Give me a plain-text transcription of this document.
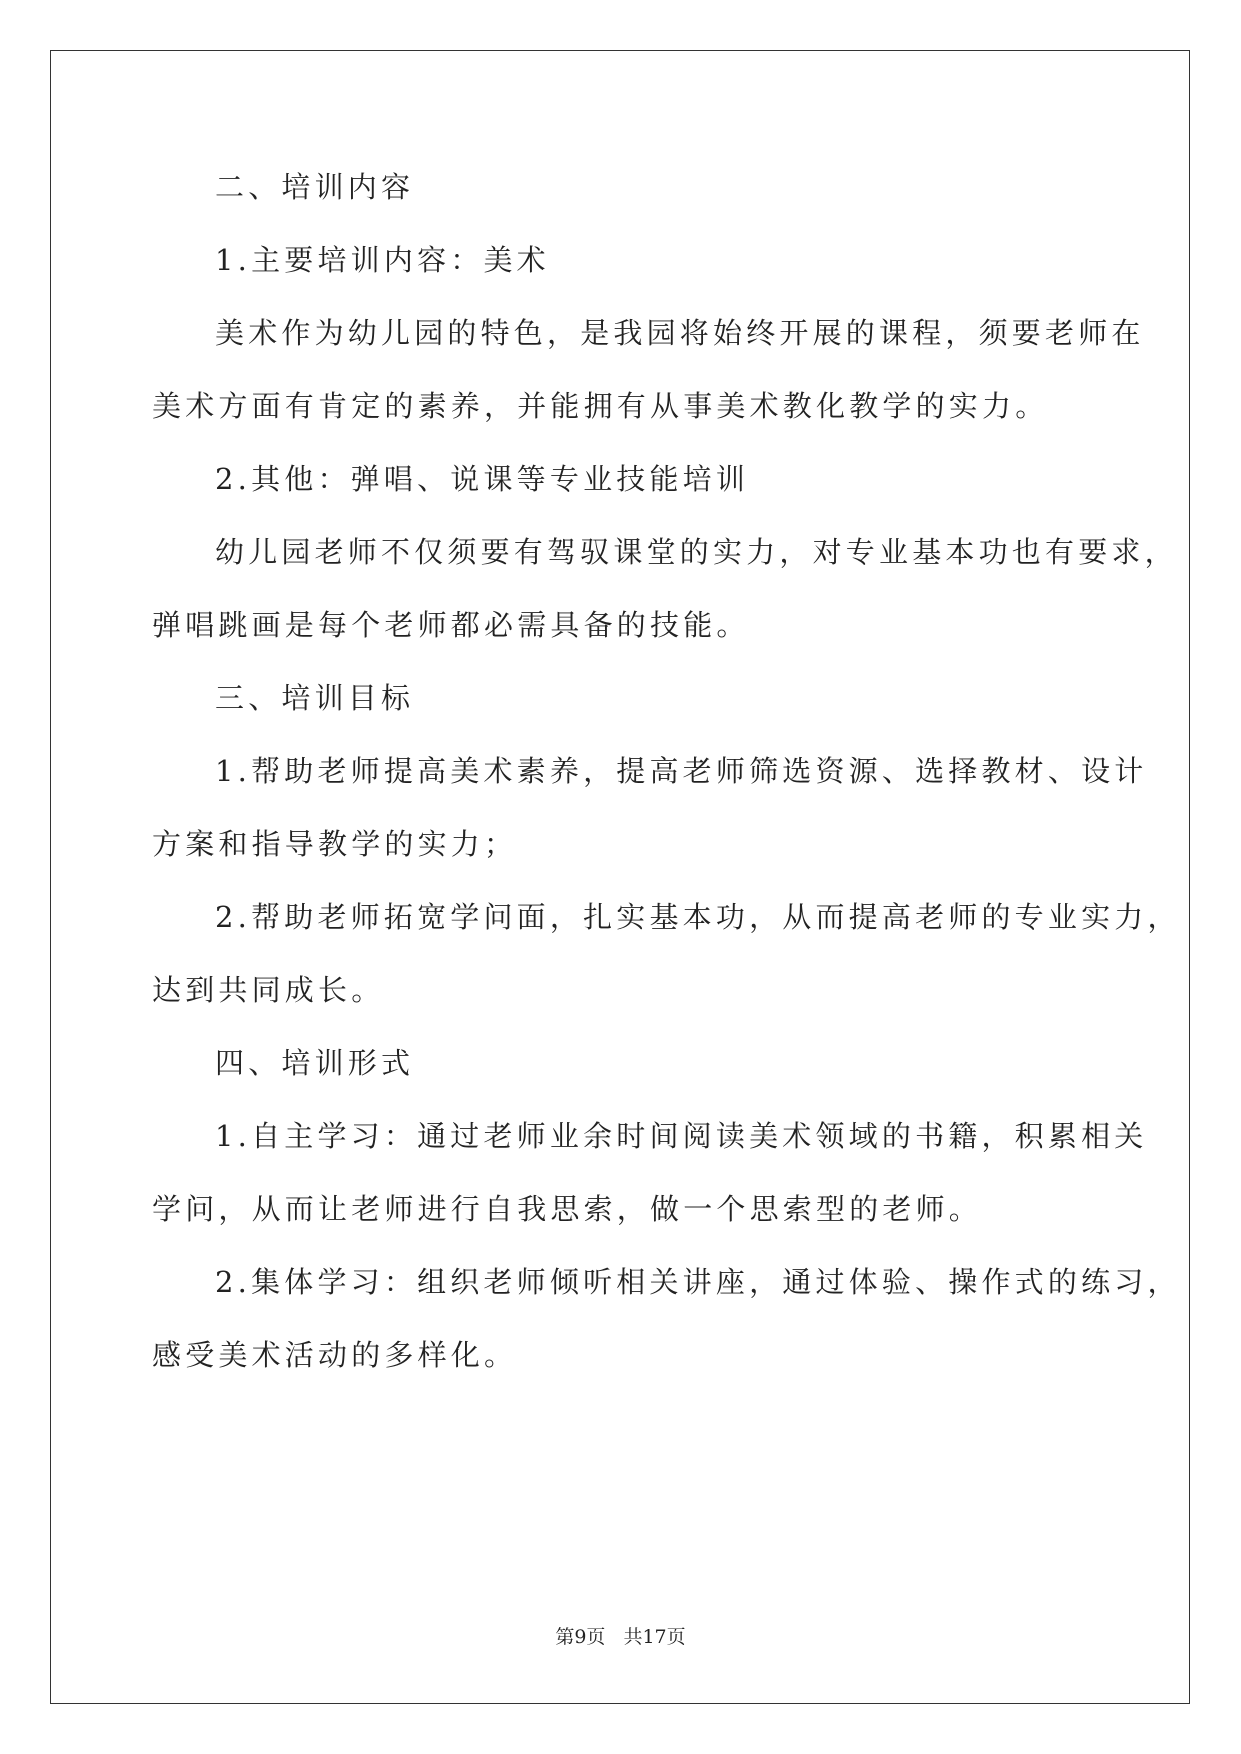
二、培训内容
1.主要培训内容：美术
美术作为幼儿园的特色，是我园将始终开展的课程，须要老师在
美术方面有肯定的素养，并能拥有从事美术教化教学的实力。
2.其他：弹唱、说课等专业技能培训
幼儿园老师不仅须要有驾驭课堂的实力，对专业基本功也有要求，
弹唱跳画是每个老师都必需具备的技能。
三、培训目标
1.帮助老师提高美术素养，提高老师筛选资源、选择教材、设计
方案和指导教学的实力；
2.帮助老师拓宽学问面，扎实基本功，从而提高老师的专业实力，
达到共同成长。
四、培训形式
1.自主学习：通过老师业余时间阅读美术领域的书籍，积累相关
学问，从而让老师进行自我思索，做一个思索型的老师。
2.集体学习：组织老师倾听相关讲座，通过体验、操作式的练习，
感受美术活动的多样化。
第9页 共17页
